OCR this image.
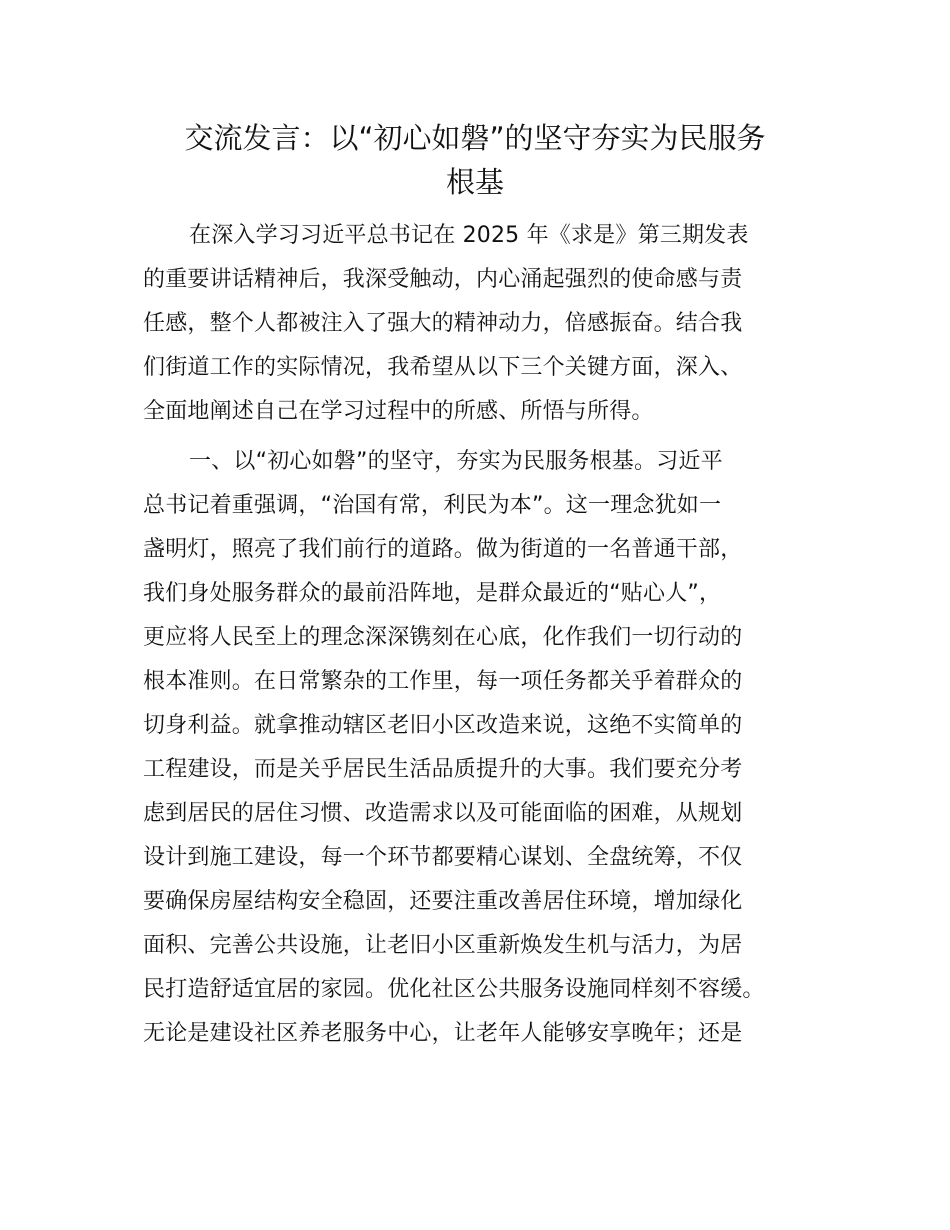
交流发言：以“初心如磐”的坚守夯实为民服务
根基
在深入学习习近平总书记在 2025 年《求是》第三期发表
的重要讲话精神后，我深受触动，内心涌起强烈的使命感与责
任感，整个人都被注入了强大的精神动力，倍感振奋。结合我
们街道工作的实际情况，我希望从以下三个关键方面，深入、
全面地阐述自己在学习过程中的所感、所悟与所得。
一、以“初心如磐”的坚守，夯实为民服务根基。习近平
总书记着重强调，“治国有常，利民为本”。这一理念犹如一
盏明灯，照亮了我们前行的道路。做为街道的一名普通干部，
我们身处服务群众的最前沿阵地，是群众最近的“贴心人”，
更应将人民至上的理念深深镌刻在心底，化作我们一切行动的
根本准则。在日常繁杂的工作里，每一项任务都关乎着群众的
切身利益。就拿推动辖区老旧小区改造来说，这绝不实简单的
工程建设，而是关乎居民生活品质提升的大事。我们要充分考
虑到居民的居住习惯、改造需求以及可能面临的困难，从规划
设计到施工建设，每一个环节都要精心谋划、全盘统筹，不仅
要确保房屋结构安全稳固，还要注重改善居住环境，增加绿化
面积、完善公共设施，让老旧小区重新焕发生机与活力，为居
民打造舒适宜居的家园。优化社区公共服务设施同样刻不容缓。
无论是建设社区养老服务中心，让老年人能够安享晚年；还是
